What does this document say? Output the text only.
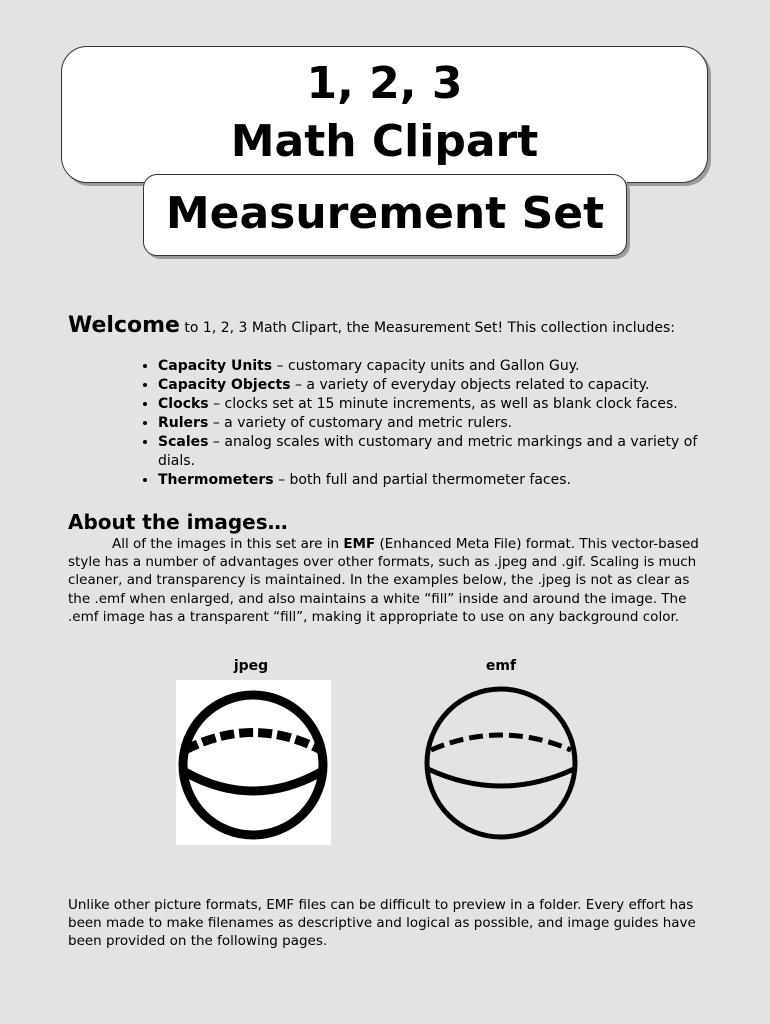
1, 2, 3
Math Clipart
Measurement Set
Welcome to 1, 2, 3 Math Clipart, the Measurement Set! This collection includes:
• Capacity Units – customary capacity units and Gallon Guy.
• Capacity Objects – a variety of everyday objects related to capacity.
• Clocks – clocks set at 15 minute increments, as well as blank clock faces.
• Rulers – a variety of customary and metric rulers.
• Scales – analog scales with customary and metric markings and a variety of dials.
• Thermometers – both full and partial thermometer faces.
About the images…

All of the images in this set are in EMF (Enhanced Meta File) format. This vector-based style has a number of advantages over other formats, such as .jpeg and .gif. Scaling is much cleaner, and transparency is maintained. In the examples below, the .jpeg is not as clear as the .emf when enlarged, and also maintains a white “fill” inside and around the image. The .emf image has a transparent “fill”, making it appropriate to use on any background color.

jpeg	emf

Unlike other picture formats, EMF files can be difficult to preview in a folder. Every effort has been made to make filenames as descriptive and logical as possible, and image guides have been provided on the following pages.
